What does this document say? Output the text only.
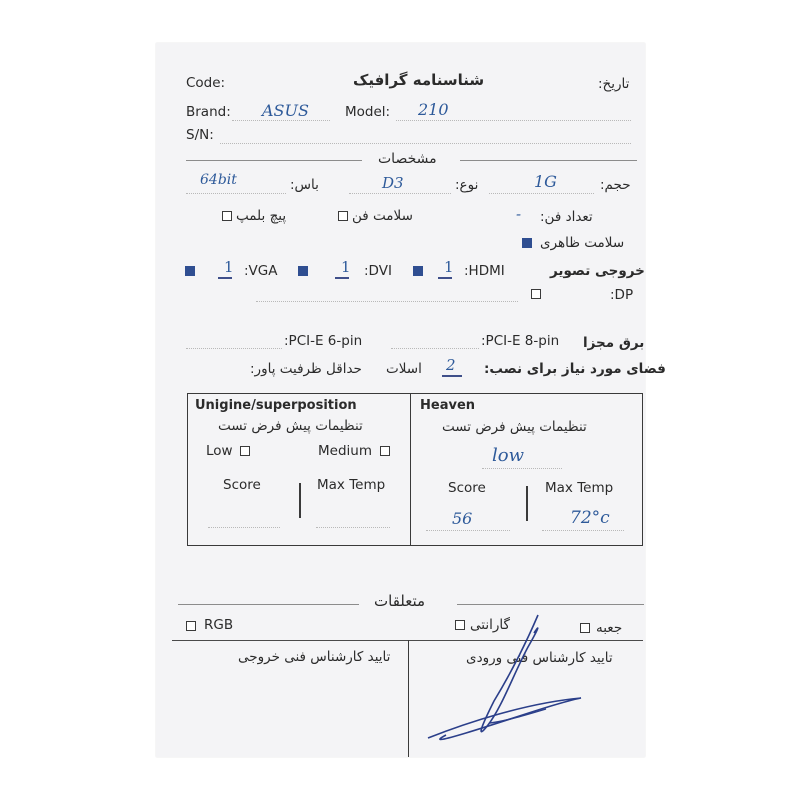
Code:	شناسنامه گرافیک	تاریخ:
Brand: ASUS	Model: 210
S/N:
مشخصات
حجم:
1G
نوع:
D3
باس:
64bit
تعداد فن:
-
سلامت فن
پیچ بلمپ
سلامت ظاهری
خروجی تصویر
:HDMI
1
:DVI
1
:VGA
1
:DP
برق مجزا
:PCI-E 8-pin
:PCI-E 6-pin
فضای مورد نیاز برای نصب:
2
اسلات
حداقل ظرفیت پاور:
Unigine/superposition
تنظیمات پیش فرض تست
Low	Medium
Score	Max Temp
Heaven
تنظیمات پیش فرض تست
low
Score	Max Temp
56	72°c
متعلقات
جعبه
گارانتی
RGB
تایید کارشناس فنی ورودی
تایید کارشناس فنی خروجی
